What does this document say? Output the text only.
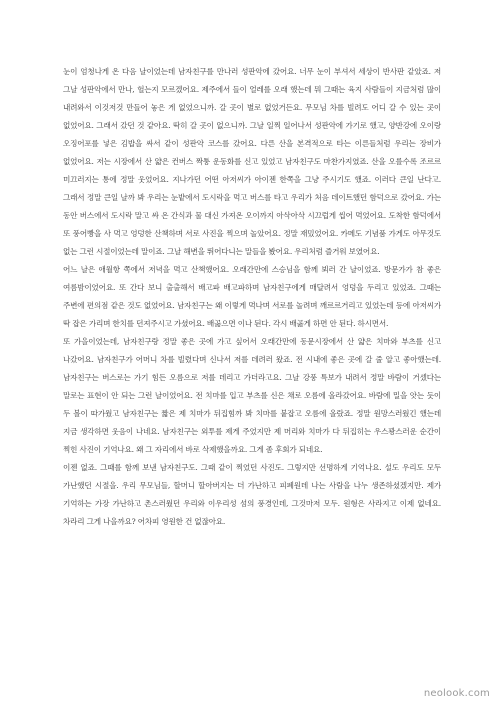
눈이 엄청나게 온 다음 날이었는데 남자친구를 만나러 성판악에 갔어요. 너무 눈이 부셔서 세상이 반사판 같았죠. 저 그날 성판악에서 만나, 헐는지 모르겠어요. 제주에서 들이 얼레를 오래 했는데 뭐 그때는 육지 사람들이 지금처럼 많이 내려와서 이것저것 만들어 놓은 게 없었으니까. 갈 곳이 별로 없었거든요. 무모님 차를 빌려도 어디 갈 수 있는 곳이 없었어요. 그래서 갔던 것 같아요. 딱히 갈 곳이 없으니까. 그날 일찍 일어나서 성판악에 가기로 했고, 양반강에 오이랑 오징어포를 넣은 김밥을 싸서 같이 성판악 코스를 갔어요. 다른 산을 본격적으로 타는 이른들처럼 우리는 장비가 없었어요. 저는 시장에서 산 얇은 컨버스 짝퉁 운동화를 신고 있었고 남자친구도 마찬가지였죠. 산을 오를수록 조르르 미끄러지는 통에 정말 웃었어요. 지나가던 어떤 아저씨가 아이젠 한쪽을 그냥 주시기도 했죠. 이러다 큰일 난다고. 그래서 정말 큰일 날까 봐 우리는 눈밭에서 도시락을 먹고 버스를 타고 우리가 처음 데이트했던 함덕으로 갔어요. 가는 동안 버스에서 도시락 말고 싸 온 간식과 물 대신 가져온 오이까지 아삭아삭 시끄럽게 씹어 먹었어요. 도착한 함덕에서 또 풍어빵을 사 먹고 엉덩한 산책하며 서로 사진을 찍으며 놀았어요. 정말 재밌었어요. 카메도 기념품 가게도 아무것도 없는 그런 시절이었는데 말이죠. 그날 해변을 뛰어다니는 말들을 봤어요. 우리처럼 즐거워 보였어요.

어느 날은 애월항 쪽에서 저녁을 먹고 산책했어요. 오래간만에 스승님을 함께 뵈러 간 날이었죠. 방문가가 참 좋은 여름밤이었어요. 또 간다 보니 출출해서 배고파 배고파하며 남자친구에게 매달려서 엉덩을 두리고 있었죠. 그때는 주변에 편의점 같은 것도 없었어요. 남자친구는 왜 이렇게 먹나며 서로를 놀려며 깨르르거리고 있었는데 등에 아저씨가 딱 잡은 가리며 한치를 던져주시고 가셨어요. 배곯으면 이나 된다. 각시 배곯게 하면 안 된다. 하시면서.

또 가을이었는데, 남자친구랑 정말 좋은 곳에 가고 싶어서 오래간만에 동문시장에서 산 얇은 치마와 부츠를 신고 나갔어요. 남자친구가 어머니 차를 빌렸다며 신나서 저를 데려러 왔죠. 전 시내에 좋은 곳에 갈 줄 알고 좋아했는데. 남자친구는 버스로는 가기 힘든 오름으로 저를 데리고 가더라고요. 그날 강풍 특보가 내려서 정말 바람이 거셌다는 말로는 표현이 안 되는 그런 날이었어요. 전 치마를 입고 부츠를 신은 채로 오름에 올라갔어요. 바람에 밀을 앗는 듯이 두 볼이 따가웠고 남자친구는 짧은 제 치마가 뒤집힘까 봐 치마를 붙잡고 오름에 올랐죠. 정말 원망스러웠긴 했는데 지금 생각하면 웃음이 나네요. 남자친구는 외투를 제게 주었지만 제 머리와 치마가 다 뒤집히는 우스꽝스러운 순간이 찍힌 사진이 기억나요. 왜 그 자리에서 바로 삭제했을까요. 그게 좀 후회가 되네요.

이젠 없죠. 그때를 함께 보낸 남자친구도. 그때 같이 찍었던 사진도. 그렇지만 선명하게 기억나요. 설도 우리도 모두 가난했던 시절을. 우리 무모님들, 할머니 할아버지는 더 가난하고 피폐원데 나는 사람을 나누 생존하셨겠지만. 제가 기억하는 가장 가난하고 촌스러웠던 우리와 이우리성 섬의 풍경인데, 그것마저 모두. 원형은 사라지고 이제 없네요. 차라리 그게 나을까요? 어차피 영원한 건 없잖아요.

neolook.com
